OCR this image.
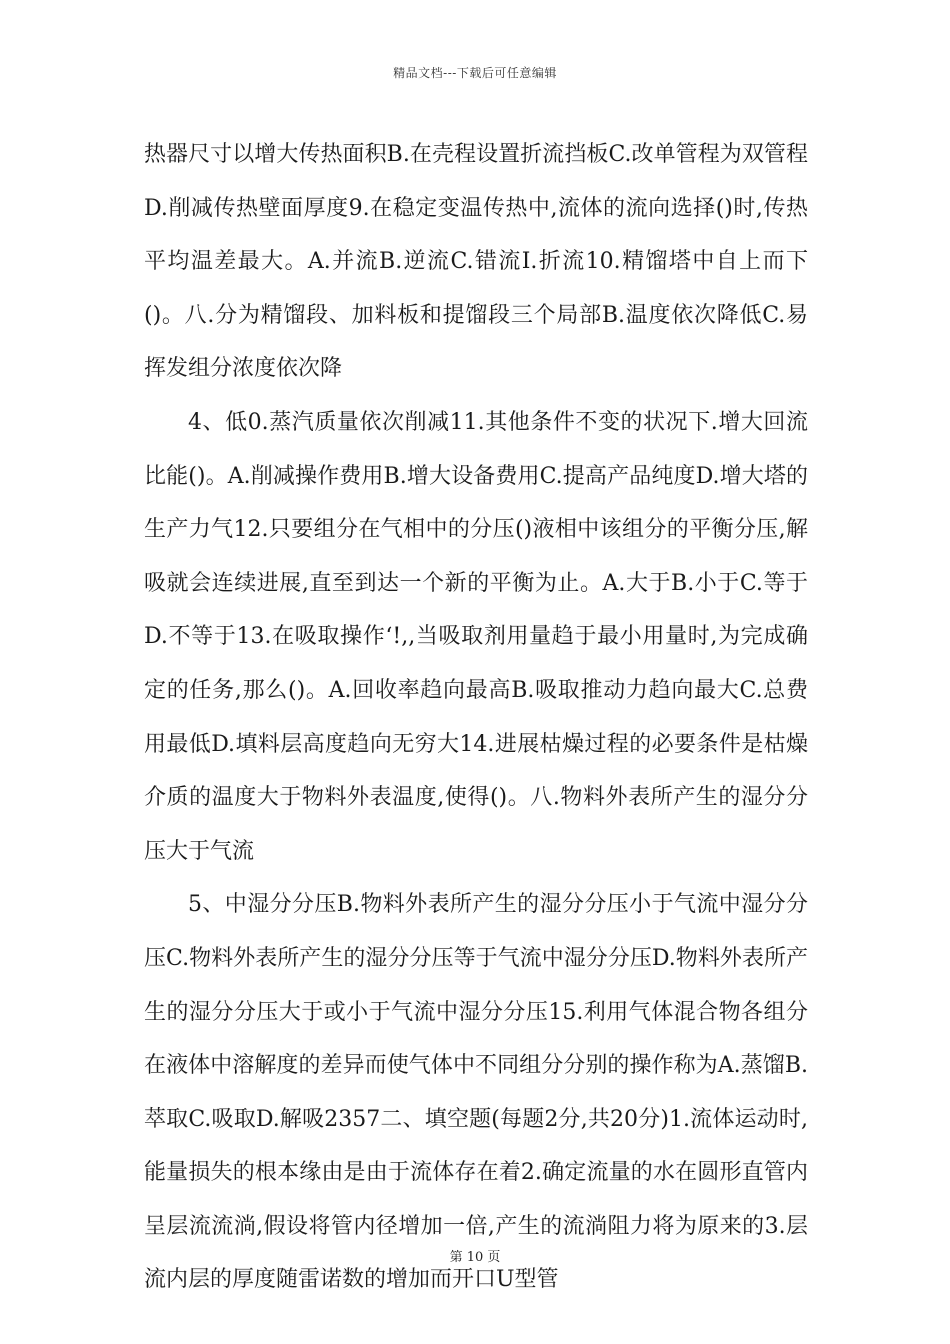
精品文档---下载后可任意编辑

热器尺寸以增大传热面积B.在壳程设置折流挡板C.改单管程为双管程D.削减传热壁面厚度9.在稳定变温传热中,流体的流向选择()时,传热平均温差最大。A.并流B.逆流C.错流I.折流10.精馏塔中自上而下()。八.分为精馏段、加料板和提馏段三个局部B.温度依次降低C.易挥发组分浓度依次降

4、低0.蒸汽质量依次削减11.其他条件不变的状况下.增大回流比能()。A.削减操作费用B.增大设备费用C.提高产品纯度D.增大塔的生产力气12.只要组分在气相中的分压()液相中该组分的平衡分压,解吸就会连续进展,直至到达一个新的平衡为止。A.大于B.小于C.等于D.不等于13.在吸取操作‘!,,当吸取剂用量趋于最小用量时,为完成确定的任务,那么()。A.回收率趋向最高B.吸取推动力趋向最大C.总费用最低D.填料层高度趋向无穷大14.进展枯燥过程的必要条件是枯燥介质的温度大于物料外表温度,使得()。八.物料外表所产生的湿分分压大于气流

5、中湿分分压B.物料外表所产生的湿分分压小于气流中湿分分压C.物料外表所产生的湿分分压等于气流中湿分分压D.物料外表所产生的湿分分压大于或小于气流中湿分分压15.利用气体混合物各组分在液体中溶解度的差异而使气体中不同组分分别的操作称为A.蒸馏B.萃取C.吸取D.解吸2357二、填空题(每题2分,共20分)1.流体运动时,能量损失的根本缘由是由于流体存在着2.确定流量的水在圆形直管内呈层流流淌,假设将管内径增加一倍,产生的流淌阻力将为原来的3.层流内层的厚度随雷诺数的增加而开口U型管

第 10 页
